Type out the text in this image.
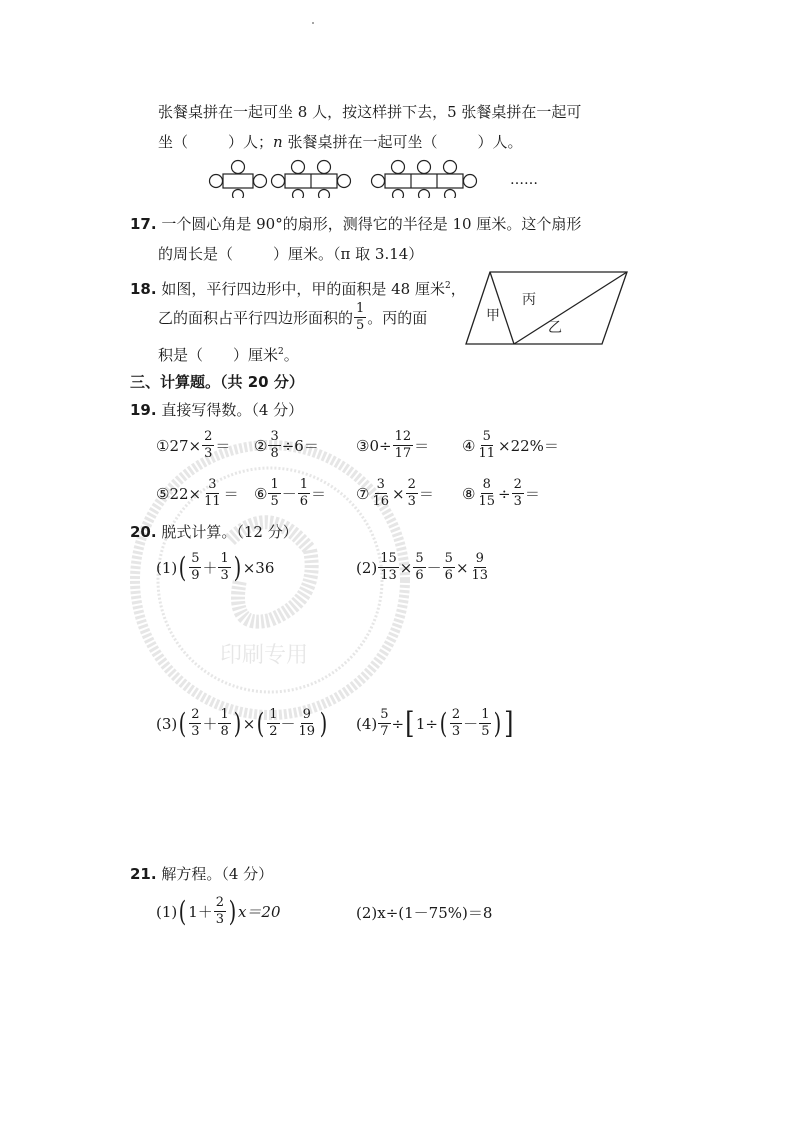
印刷专用
张餐桌拼在一起可坐 8 人，按这样拼下去，5 张餐桌拼在一起可
坐（	）人；n 张餐桌拼在一起可坐（	）人。
……
17. 一个圆心角是 90°的扇形，测得它的半径是 10 厘米。这个扇形
的周长是（	）厘米。（π 取 3.14）
18. 如图，平行四边形中，甲的面积是 48 厘米$^2$，
乙的面积占平行四边形面积的 $\frac{1}{5}$ 。丙的面
积是（ ）厘米$^2$。
甲
丙
乙
三、计算题。（共 20 分）
19. 直接写得数。（4 分）
①27× $\frac{2}{3}$ ＝ ② $\frac{3}{8} \div 6=$ ③0÷ $\frac{12}{17}$ ＝ ④ $\frac{5}{11} \times 22\%=$
⑤22× $\frac{3}{11}$ ＝ ⑥ $\frac{1}{5} - \frac{1}{6}$ ＝ ⑦ $\frac{3}{16} \times \frac{2}{3}$ ＝ ⑧ $\frac{8}{15} \div \frac{2}{3}$ ＝
20. 脱式计算。（12 分）
(1) ( $\frac{5}{9} + \frac{1}{3}$ ) ×36	$(2) \frac{15}{13} \times \frac{5}{6} - \frac{5}{6} \times \frac{9}{13}$
(3) ( $\frac{2}{3} + \frac{1}{8}$ ) × ( $\frac{1}{2} - \frac{9}{19}$ ) $(4) \frac{5}{7}$ ÷ [ 1÷ ( $\frac{2}{3} - \frac{1}{5}$ ) ]
21. 解方程。（4 分）
(1) ( $1+ \frac{2}{3}$ ) x＝20	(2) x÷(1－75%)＝8
